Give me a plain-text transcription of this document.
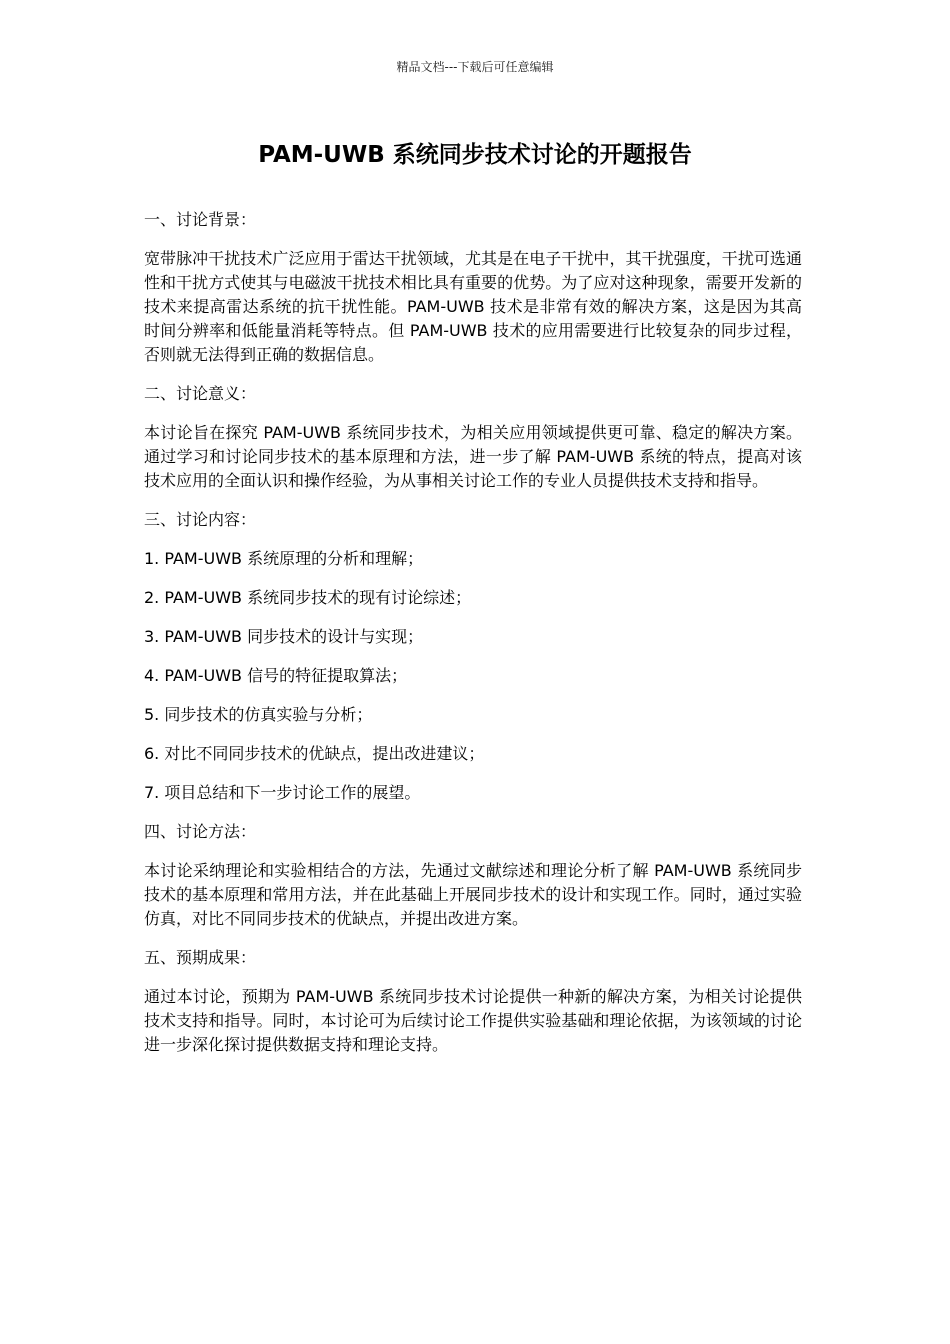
精品文档---下载后可任意编辑
PAM-UWB 系统同步技术讨论的开题报告

一、讨论背景：

宽带脉冲干扰技术广泛应用于雷达干扰领域，尤其是在电子干扰中，其干扰强度，干扰可选通性和干扰方式使其与电磁波干扰技术相比具有重要的优势。为了应对这种现象，需要开发新的技术来提高雷达系统的抗干扰性能。PAM-UWB 技术是非常有效的解决方案，这是因为其高时间分辨率和低能量消耗等特点。但 PAM-UWB 技术的应用需要进行比较复杂的同步过程，否则就无法得到正确的数据信息。

二、讨论意义：

本讨论旨在探究 PAM-UWB 系统同步技术，为相关应用领域提供更可靠、稳定的解决方案。通过学习和讨论同步技术的基本原理和方法，进一步了解 PAM-UWB 系统的特点，提高对该技术应用的全面认识和操作经验，为从事相关讨论工作的专业人员提供技术支持和指导。

三、讨论内容：

1. PAM-UWB 系统原理的分析和理解；
2. PAM-UWB 系统同步技术的现有讨论综述；
3. PAM-UWB 同步技术的设计与实现；
4. PAM-UWB 信号的特征提取算法；
5. 同步技术的仿真实验与分析；
6. 对比不同同步技术的优缺点，提出改进建议；
7. 项目总结和下一步讨论工作的展望。

四、讨论方法：

本讨论采纳理论和实验相结合的方法，先通过文献综述和理论分析了解 PAM-UWB 系统同步技术的基本原理和常用方法，并在此基础上开展同步技术的设计和实现工作。同时，通过实验仿真，对比不同同步技术的优缺点，并提出改进方案。

五、预期成果：

通过本讨论，预期为 PAM-UWB 系统同步技术讨论提供一种新的解决方案，为相关讨论提供技术支持和指导。同时，本讨论可为后续讨论工作提供实验基础和理论依据，为该领域的讨论进一步深化探讨提供数据支持和理论支持。
